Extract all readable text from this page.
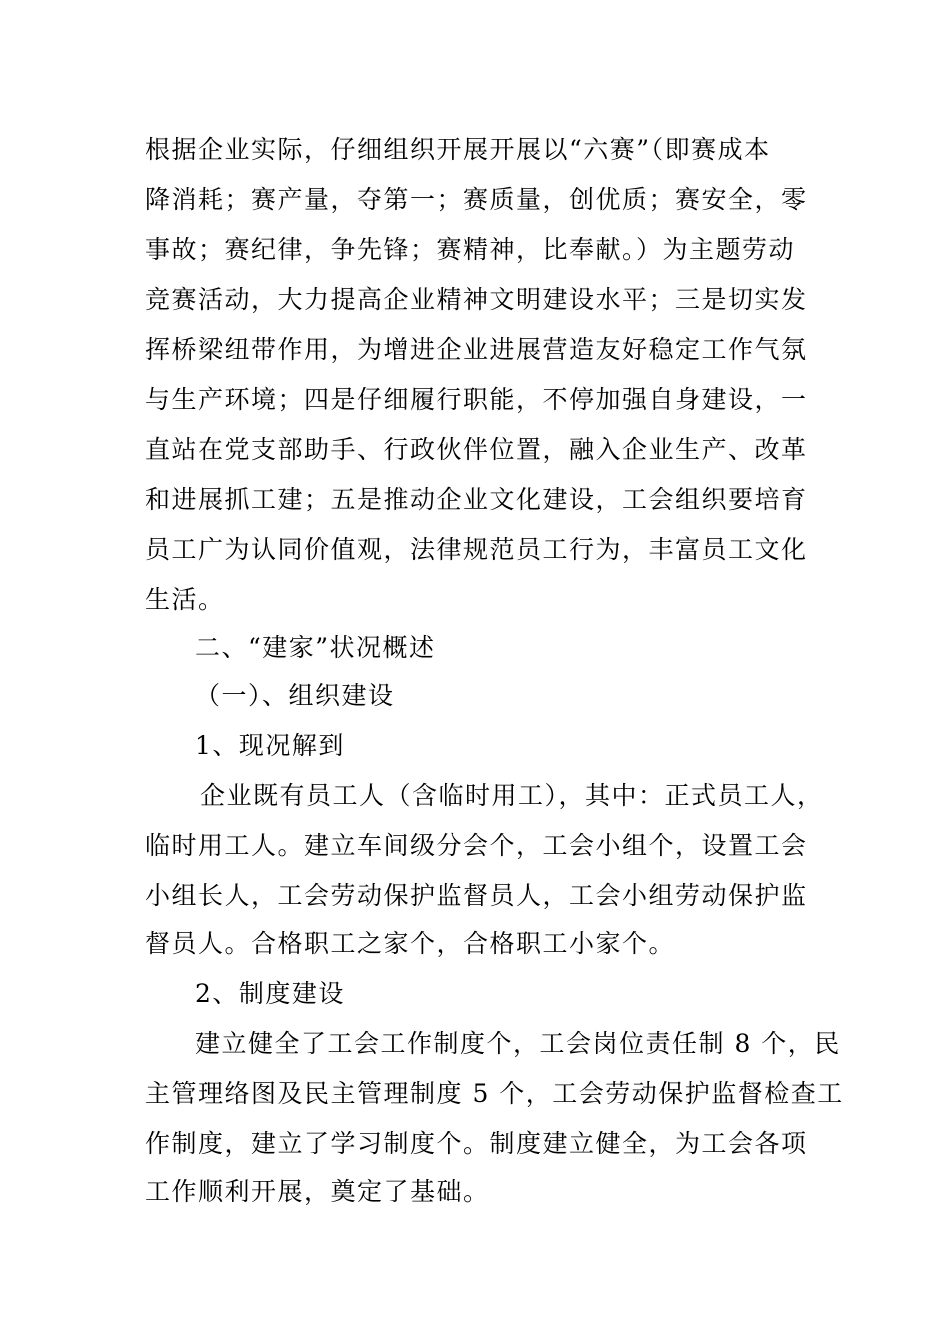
根据企业实际，仔细组织开展开展以“六赛”（即赛成本
降消耗；赛产量，夺第一；赛质量，创优质；赛安全，零
事故；赛纪律，争先锋；赛精神，比奉献。）为主题劳动
竞赛活动，大力提高企业精神文明建设水平；三是切实发
挥桥梁纽带作用，为增进企业进展营造友好稳定工作气氛
与生产环境；四是仔细履行职能，不停加强自身建设，一
直站在党支部助手、行政伙伴位置，融入企业生产、改革
和进展抓工建；五是推动企业文化建设，工会组织要培育
员工广为认同价值观，法律规范员工行为，丰富员工文化
生活。
二、“建家”状况概述
（一）、组织建设
1、现况解到
企业既有员工人（含临时用工），其中：正式员工人，
临时用工人。建立车间级分会个，工会小组个，设置工会
小组长人，工会劳动保护监督员人，工会小组劳动保护监
督员人。合格职工之家个，合格职工小家个。
2、制度建设
建立健全了工会工作制度个，工会岗位责任制 8 个，民
主管理络图及民主管理制度 5 个，工会劳动保护监督检查工
作制度，建立了学习制度个。制度建立健全，为工会各项
工作顺利开展，奠定了基础。
